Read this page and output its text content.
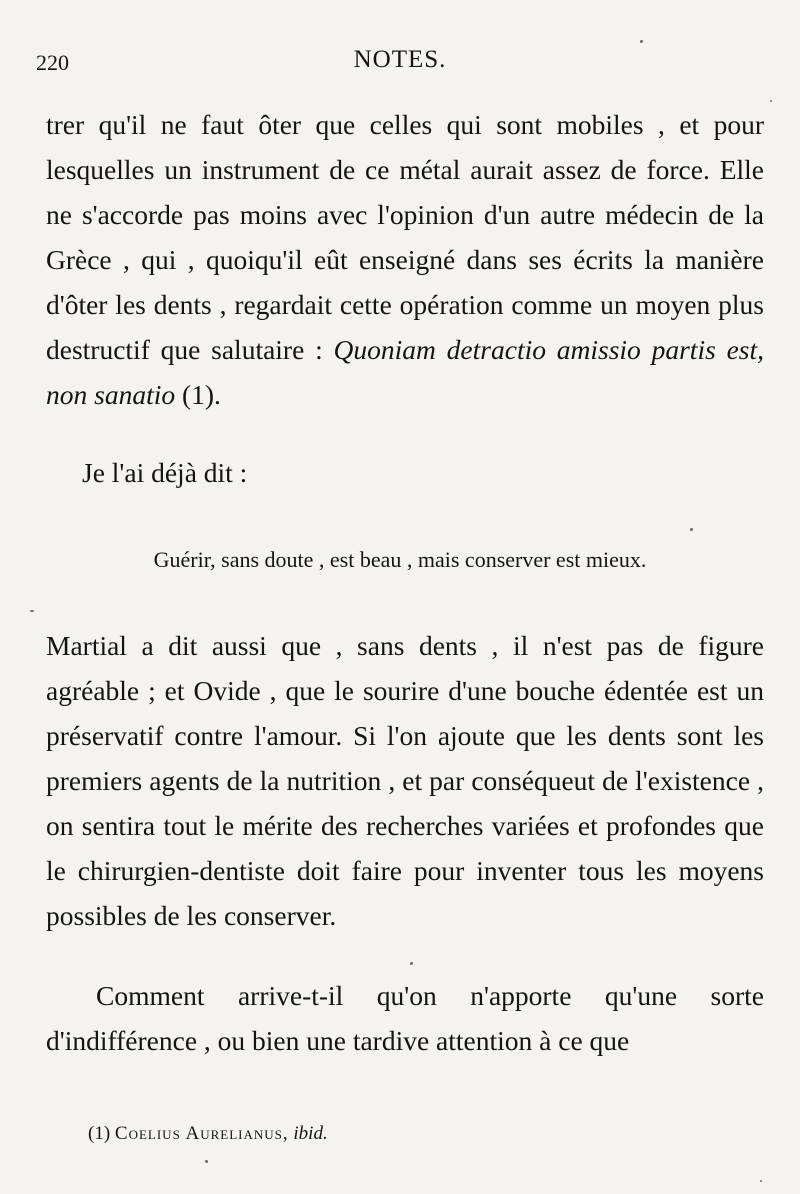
220	NOTES.

trer qu'il ne faut ôter que celles qui sont mobiles , et pour lesquelles un instrument de ce métal aurait assez de force. Elle ne s'accorde pas moins avec l'opinion d'un autre médecin de la Grèce , qui , quoiqu'il eût enseigné dans ses écrits la manière d'ôter les dents , regardait cette opération comme un moyen plus destructif que salutaire : Quoniam detractio amissio partis est, non sanatio (1).

Je l'ai déjà dit :

Guérir, sans doute , est beau , mais conserver est mieux.

Martial a dit aussi que , sans dents , il n'est pas de figure agréable ; et Ovide , que le sourire d'une bouche édentée est un préservatif contre l'amour. Si l'on ajoute que les dents sont les premiers agents de la nutrition , et par conséqueut de l'existence , on sentira tout le mérite des recherches variées et profondes que le chirurgien-dentiste doit faire pour inventer tous les moyens possibles de les conserver.

Comment arrive-t-il qu'on n'apporte qu'une sorte d'indifférence , ou bien une tardive attention à ce que

(1) Coelius Aurelianus, ibid.
